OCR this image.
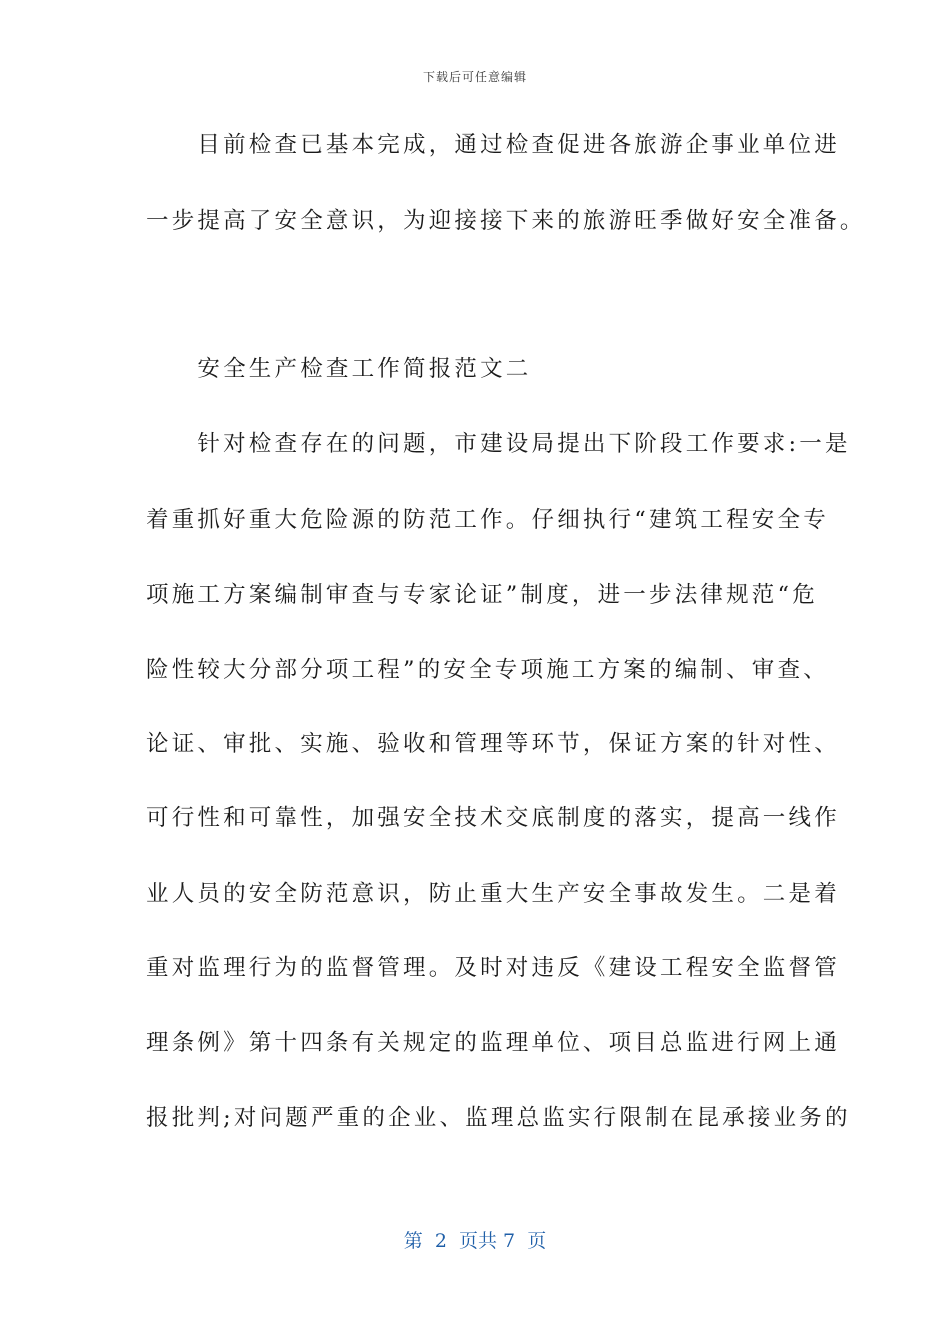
下载后可任意编辑
　　目前检查已基本完成，通过检查促进各旅游企事业单位进
一步提高了安全意识，为迎接接下来的旅游旺季做好安全准备。
　　安全生产检查工作简报范文二
　　针对检查存在的问题，市建设局提出下阶段工作要求:一是
着重抓好重大危险源的防范工作。仔细执行“建筑工程安全专
项施工方案编制审查与专家论证”制度，进一步法律规范“危
险性较大分部分项工程”的安全专项施工方案的编制、审查、
论证、审批、实施、验收和管理等环节，保证方案的针对性、
可行性和可靠性，加强安全技术交底制度的落实，提高一线作
业人员的安全防范意识，防止重大生产安全事故发生。二是着
重对监理行为的监督管理。及时对违反《建设工程安全监督管
理条例》第十四条有关规定的监理单位、项目总监进行网上通
报批判;对问题严重的企业、监理总监实行限制在昆承接业务的
第  2  页共 7  页
